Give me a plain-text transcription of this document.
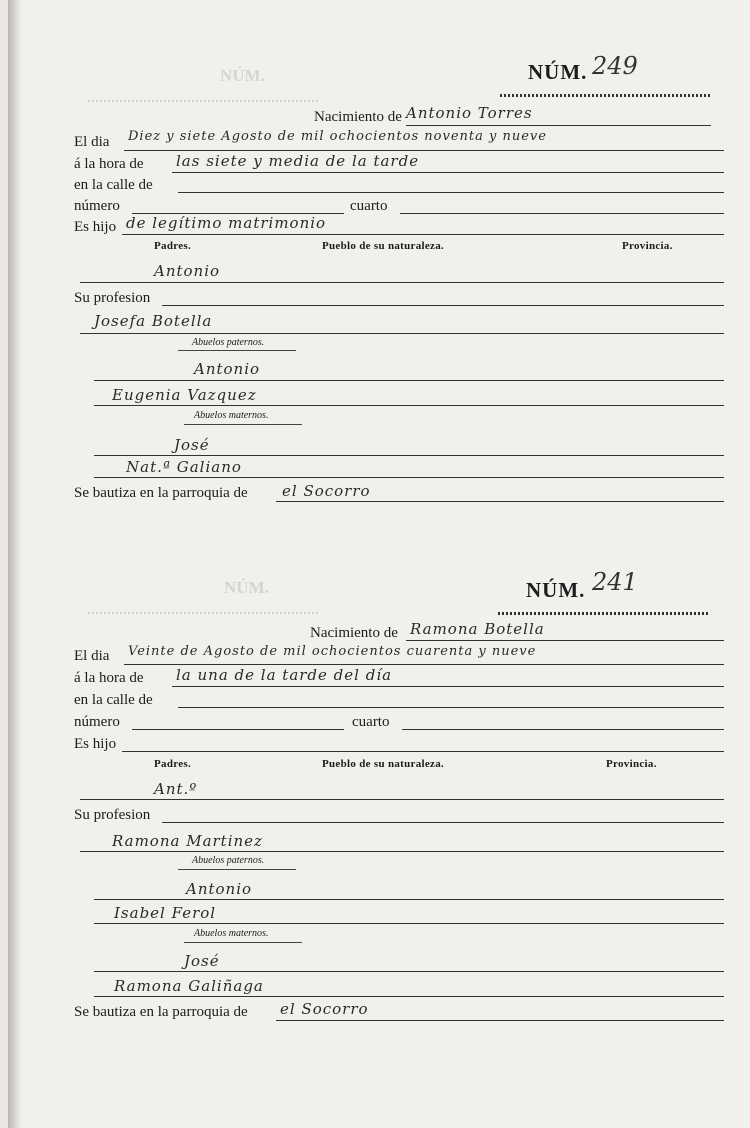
NÚM.	NÚM. 249
Nacimiento de Antonio Torres
El dia Diez y siete Agosto de mil ochocientos noventa y nueve
á la hora de las siete y media de la tarde
en la calle de
número	cuarto
Es hijo de legítimo matrimonio
Padres.	Pueblo de su naturaleza.	Provincia.
Antonio
Su profesion
Josefa Botella
Abuelos paternos.
Antonio
Eugenia Vazquez
Abuelos maternos.
José
Nat.ª Galiano
Se bautiza en la parroquia de el Socorro
NÚM.	NÚM. 241
Nacimiento de Ramona Botella
El dia Veinte de Agosto de mil ochocientos cuarenta y nueve
á la hora de la una de la tarde del día
en la calle de
número	cuarto
Es hijo
Padres.	Pueblo de su naturaleza.	Provincia.
Ant.º
Su profesion
Ramona Martinez
Abuelos paternos.
Antonio
Isabel Ferol
Abuelos maternos.
José
Ramona Galiñaga
Se bautiza en la parroquia de el Socorro
